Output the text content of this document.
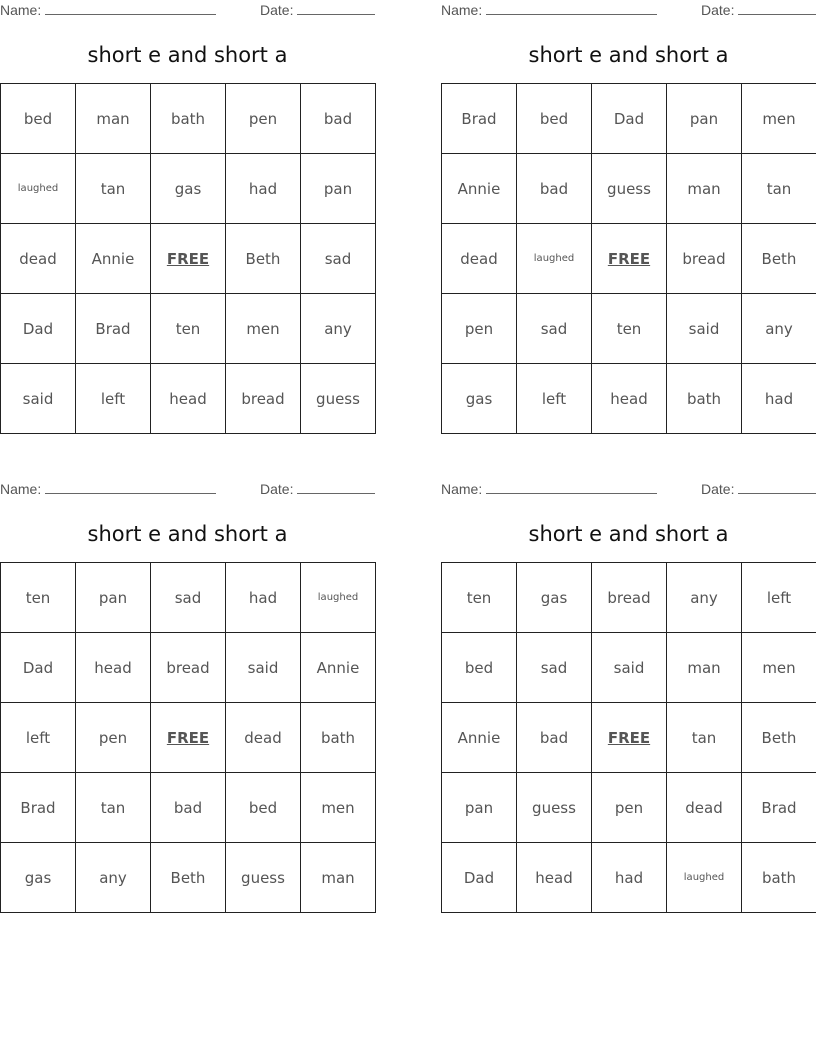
Name:	Date:
short e and short a
bed	man	bath	pen	bad
laughed	tan	gas	had	pan
dead	Annie	FREE	Beth	sad
Dad	Brad	ten	men	any
said	left	head	bread	guess
Name:	Date:
short e and short a
Brad	bed	Dad	pan	men
Annie	bad	guess	man	tan
dead	laughed	FREE	bread	Beth
pen	sad	ten	said	any
gas	left	head	bath	had
Name:	Date:
short e and short a
ten	pan	sad	had	laughed
Dad	head	bread	said	Annie
left	pen	FREE	dead	bath
Brad	tan	bad	bed	men
gas	any	Beth	guess	man
Name:	Date:
short e and short a
ten	gas	bread	any	left
bed	sad	said	man	men
Annie	bad	FREE	tan	Beth
pan	guess	pen	dead	Brad
Dad	head	had	laughed	bath
